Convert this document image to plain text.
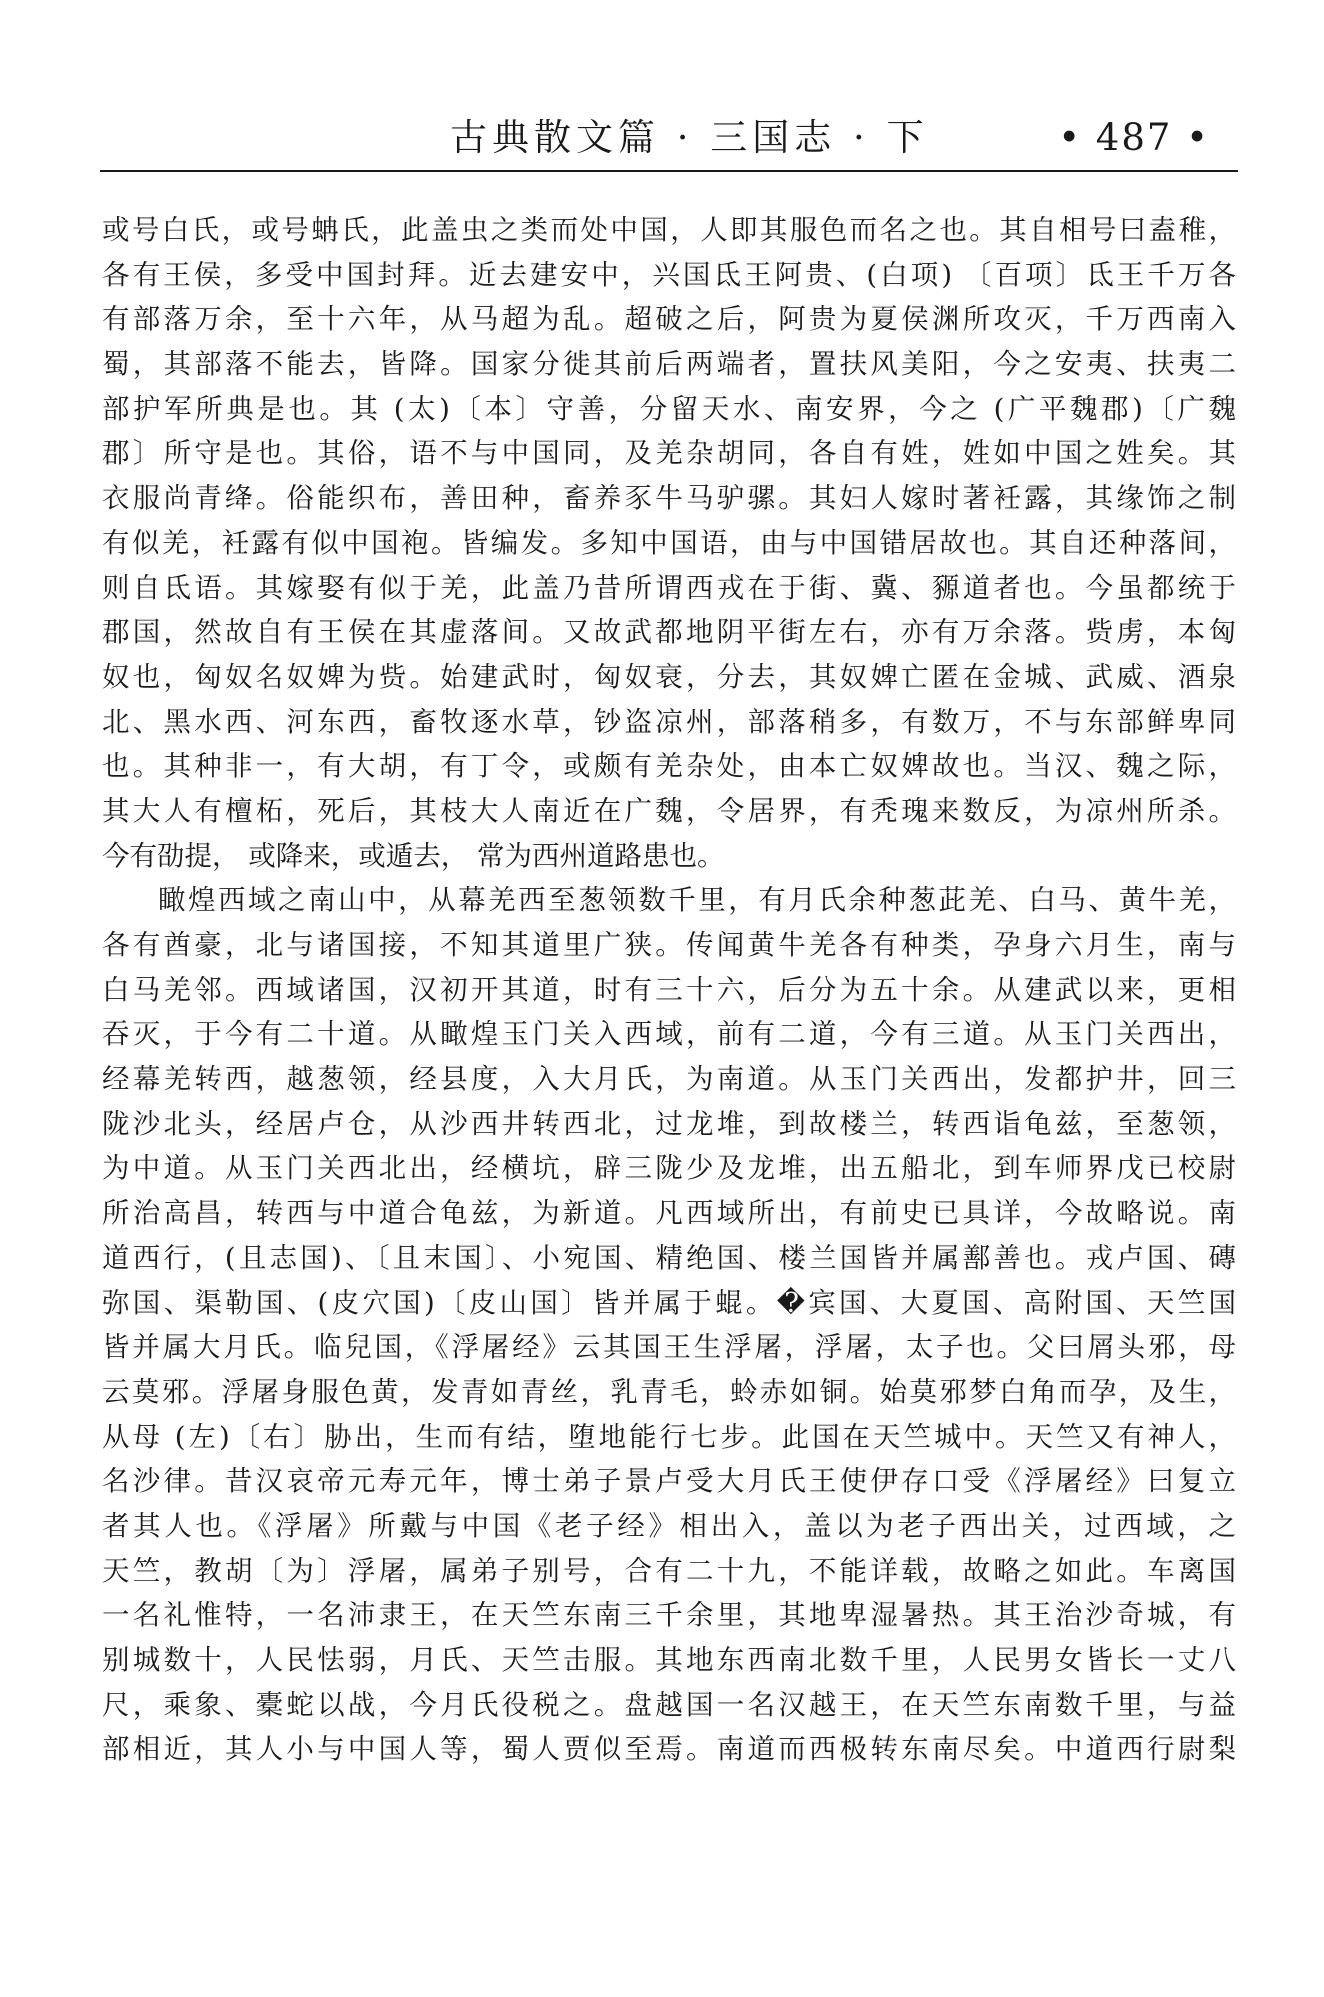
古典散文篇 · 三国志 · 下	• 487 •
或号白氏，或号蚺氏，此盖虫之类而处中国，人即其服色而名之也。其自相号曰盍稚，
各有王侯，多受中国封拜。近去建安中，兴国氐王阿贵、(白项) 〔百项〕氐王千万各
有部落万余，至十六年，从马超为乱。超破之后，阿贵为夏侯渊所攻灭，千万西南入
蜀，其部落不能去，皆降。国家分徙其前后两端者，置扶风美阳，今之安夷、扶夷二
部护军所典是也。其 (太)〔本〕守善，分留天水、南安界，今之 (广平魏郡)〔广魏
郡〕所守是也。其俗，语不与中国同，及羌杂胡同，各自有姓，姓如中国之姓矣。其
衣服尚青绛。俗能织布，善田种，畜养豕牛马驴骡。其妇人嫁时著衽露，其缘饰之制
有似羌，衽露有似中国袍。皆编发。多知中国语，由与中国错居故也。其自还种落间，
则自氐语。其嫁娶有似于羌，此盖乃昔所谓西戎在于街、冀、豲道者也。今虽都统于
郡国，然故自有王侯在其虚落间。又故武都地阴平街左右，亦有万余落。赀虏，本匈
奴也，匈奴名奴婢为赀。始建武时，匈奴衰，分去，其奴婢亡匿在金城、武威、酒泉
北、黑水西、河东西，畜牧逐水草，钞盗凉州，部落稍多，有数万，不与东部鲜卑同
也。其种非一，有大胡，有丁令，或颇有羌杂处，由本亡奴婢故也。当汉、魏之际，
其大人有檀柘，死后，其枝大人南近在广魏，令居界，有秃瑰来数反，为凉州所杀。
今有劭提， 或降来，或遁去， 常为西州道路患也。
瞰煌西域之南山中，从幕羌西至葱领数千里，有月氏余种葱茈羌、白马、黄牛羌，
各有酋豪，北与诸国接，不知其道里广狭。传闻黄牛羌各有种类，孕身六月生，南与
白马羌邻。西域诸国，汉初开其道，时有三十六，后分为五十余。从建武以来，更相
吞灭，于今有二十道。从瞰煌玉门关入西域，前有二道，今有三道。从玉门关西出，
经幕羌转西，越葱领，经县度，入大月氏，为南道。从玉门关西出，发都护井，回三
陇沙北头，经居卢仓，从沙西井转西北，过龙堆，到故楼兰，转西诣龟兹，至葱领，
为中道。从玉门关西北出，经横坑，辟三陇少及龙堆，出五船北，到车师界戊已校尉
所治高昌，转西与中道合龟兹，为新道。凡西域所出，有前史已具详，今故略说。南
道西行，(且志国)、〔且末国〕、小宛国、精绝国、楼兰国皆并属鄯善也。戎卢国、磚
弥国、渠勒国、(皮穴国)〔皮山国〕皆并属于蜫。�宾国、大夏国、高附国、天竺国
皆并属大月氏。临兒国，《浮屠经》云其国王生浮屠，浮屠，太子也。父曰屑头邪，母
云莫邪。浮屠身服色黄，发青如青丝，乳青毛，蛉赤如铜。始莫邪梦白角而孕，及生，
从母 (左)〔右〕胁出，生而有结，堕地能行七步。此国在天竺城中。天竺又有神人，
名沙律。昔汉哀帝元寿元年，博士弟子景卢受大月氏王使伊存口受《浮屠经》曰复立
者其人也。《浮屠》所戴与中国《老子经》相出入，盖以为老子西出关，过西域，之
天竺，教胡〔为〕浮屠，属弟子别号，合有二十九，不能详载，故略之如此。车离国
一名礼惟特，一名沛隶王，在天竺东南三千余里，其地卑湿暑热。其王治沙奇城，有
别城数十，人民怯弱，月氏、天竺击服。其地东西南北数千里，人民男女皆长一丈八
尺，乘象、橐蛇以战，今月氏役税之。盘越国一名汉越王，在天竺东南数千里，与益
部相近，其人小与中国人等，蜀人贾似至焉。南道而西极转东南尽矣。中道西行尉梨
